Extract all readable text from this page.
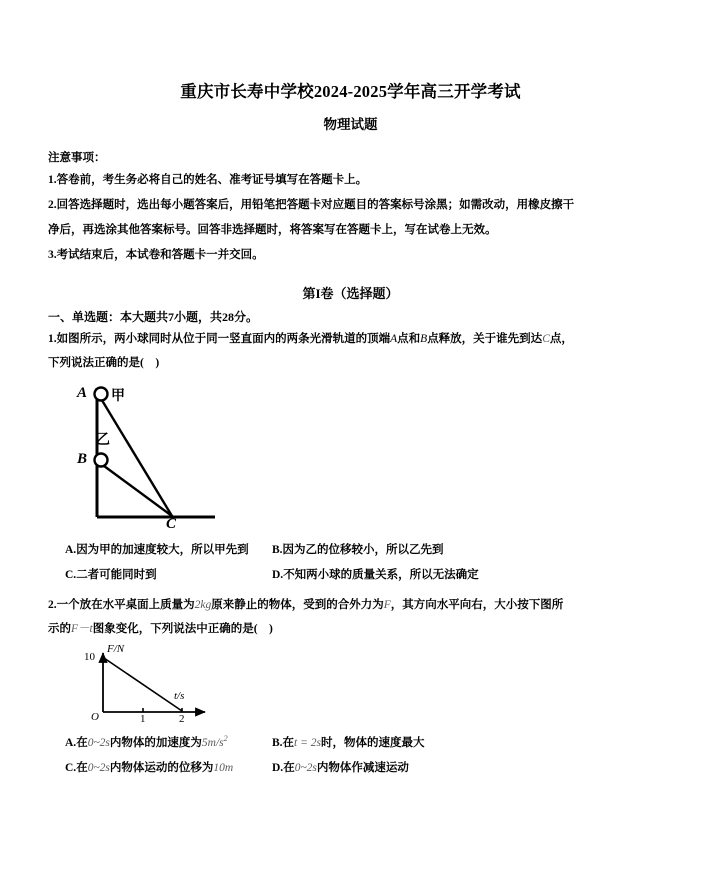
重庆市长寿中学校2024-2025学年高三开学考试
物理试题
注意事项：
1.答卷前，考生务必将自己的姓名、准考证号填写在答题卡上。
2.回答选择题时，选出每小题答案后，用铅笔把答题卡对应题目的答案标号涂黑；如需改动，用橡皮擦干
净后，再选涂其他答案标号。回答非选择题时，将答案写在答题卡上，写在试卷上无效。
3.考试结束后，本试卷和答题卡一并交回。
第I卷（选择题）
一、单选题：本大题共7小题，共28分。
1.如图所示，两小球同时从位于同一竖直面内的两条光滑轨道的顶端A点和B点释放，关于谁先到达C点，
下列说法正确的是(　)
A 甲
B
乙
C
A.因为甲的加速度较大，所以甲先到 B.因为乙的位移较小，所以乙先到
C.二者可能同时到	D.不知两小球的质量关系，所以无法确定
2.一个放在水平桌面上质量为2kg原来静止的物体，受到的合外力为F，其方向水平向右，大小按下图所
示的F－t图象变化，下列说法中正确的是(　)
F/N
t/s
10
O	1	2
A.在0~2s内物体的加速度为$5m/s^2$	B.在t = 2s时，物体的速度最大
C.在0~2s内物体运动的位移为10m	D.在0~2s内物体作减速运动
